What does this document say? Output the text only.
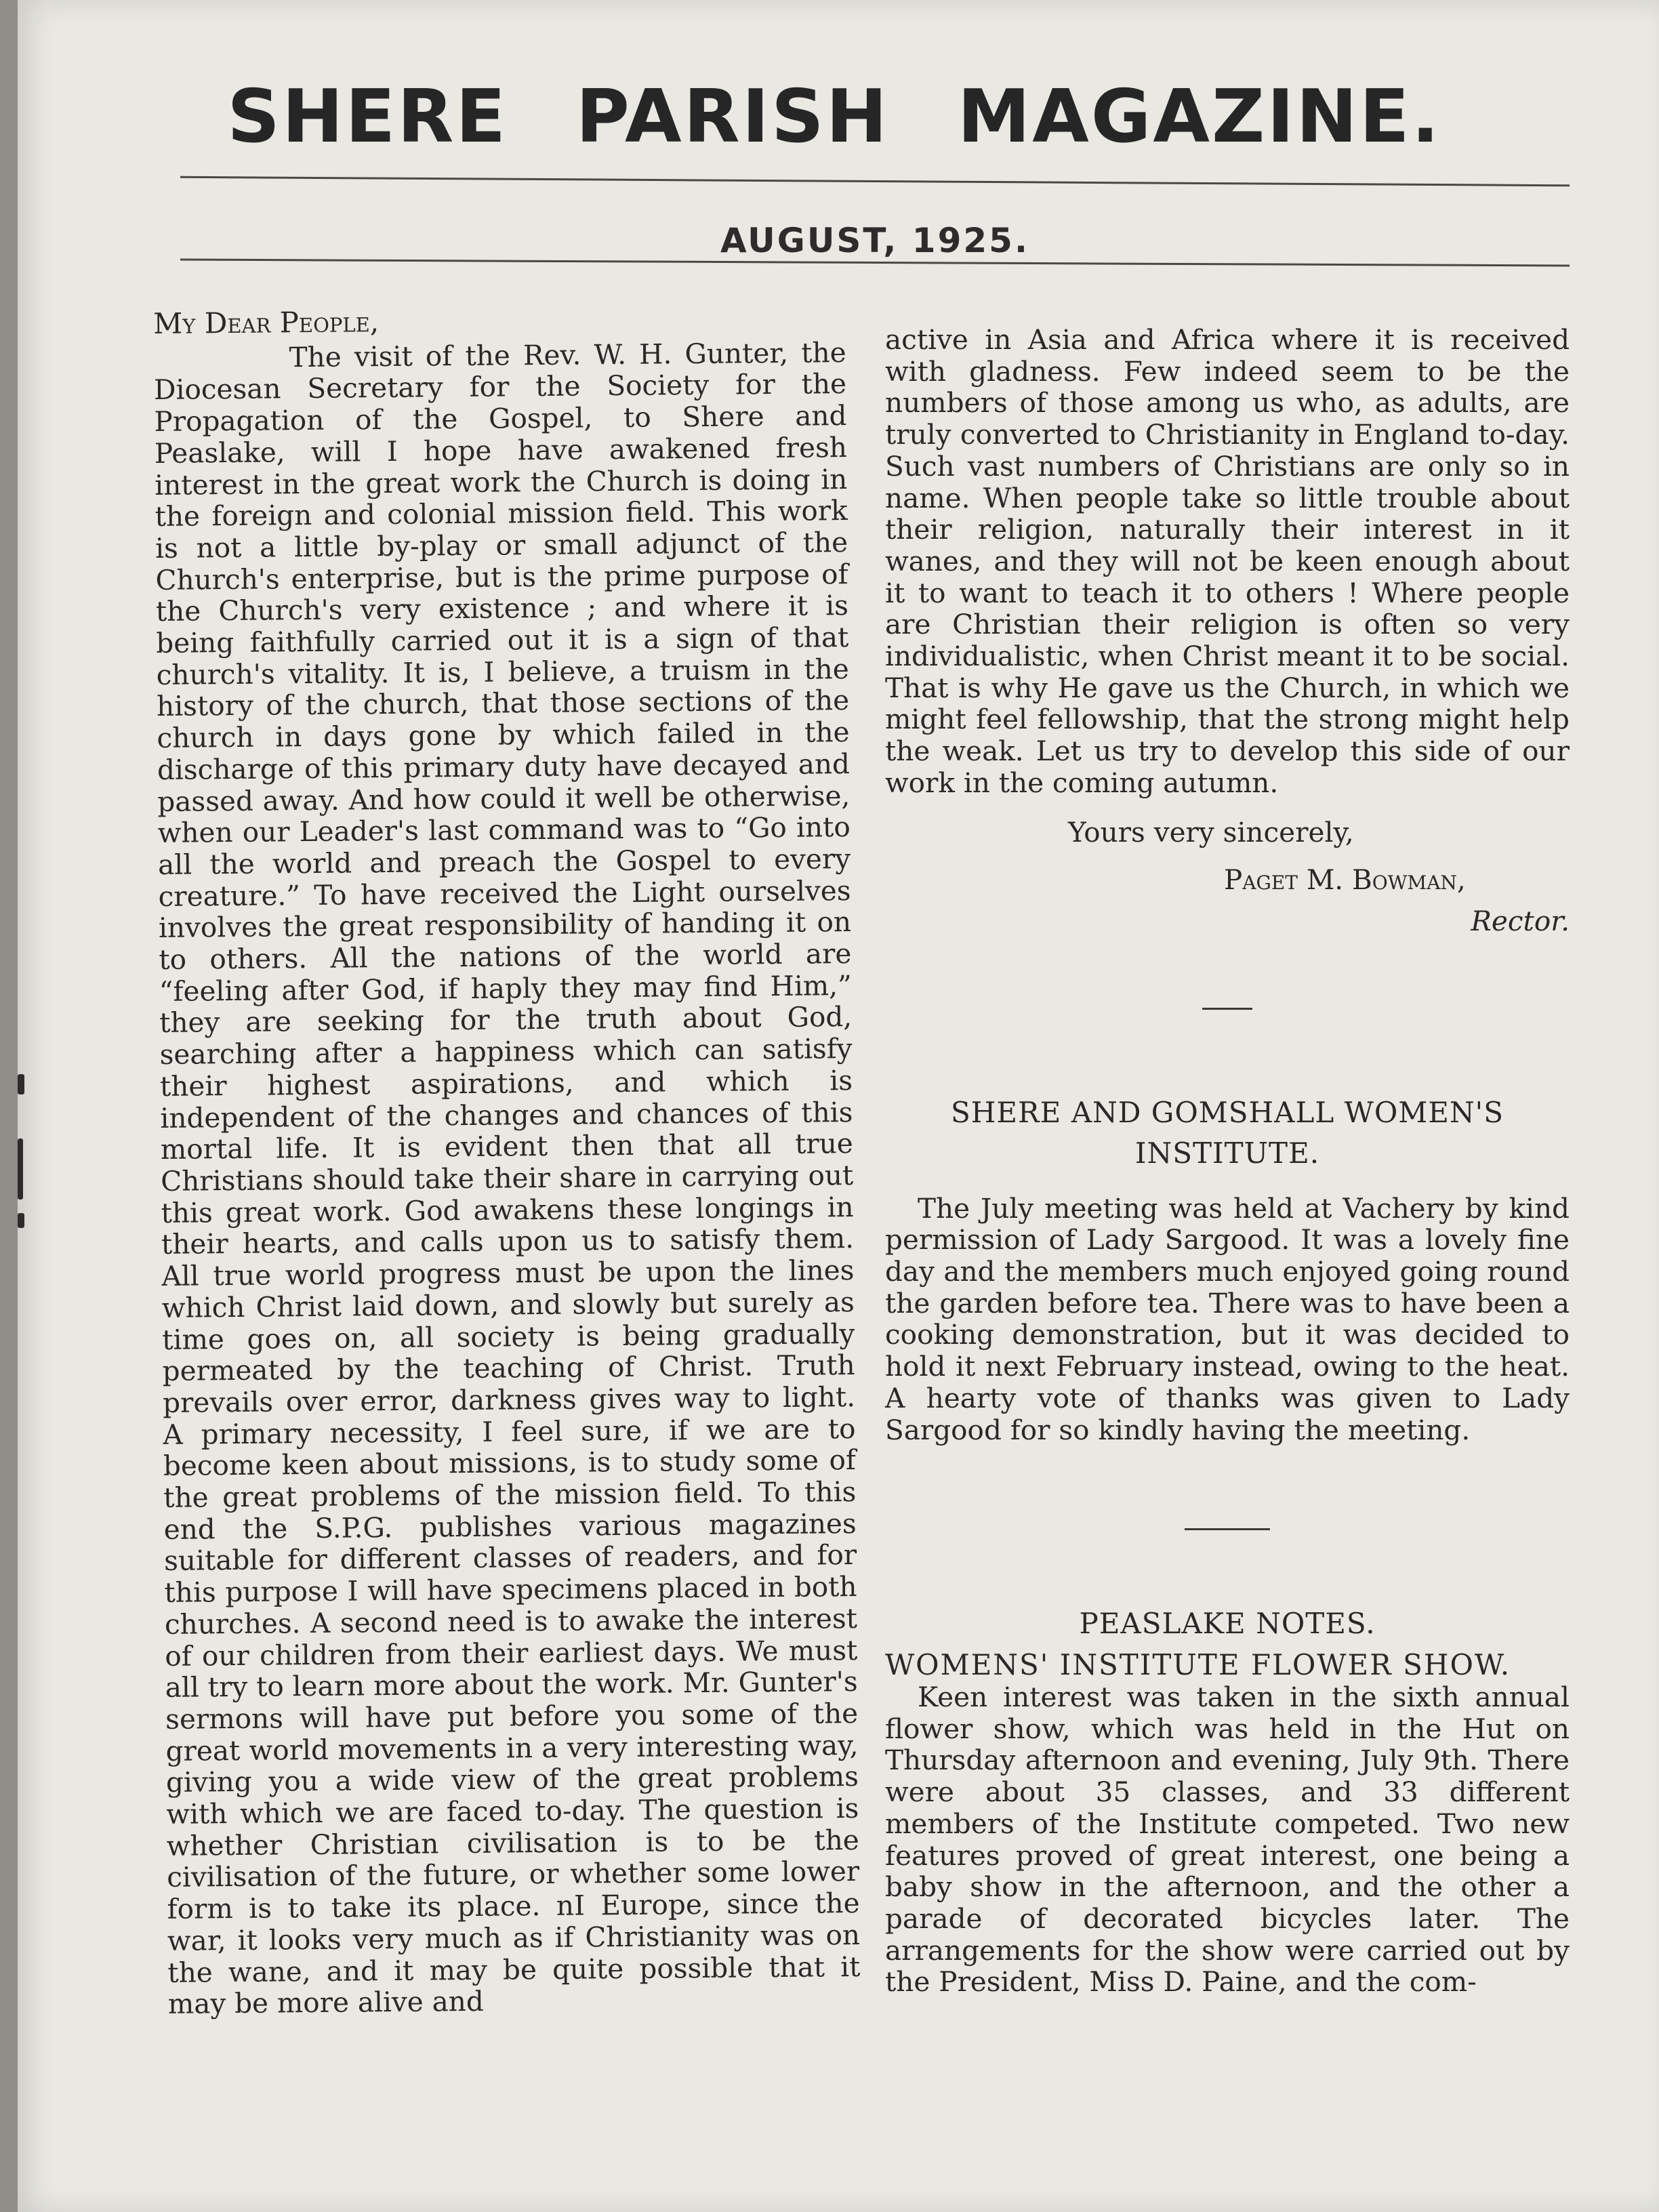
SHERE PARISH MAGAZINE.
AUGUST, 1925.

My Dear People,

The visit of the Rev. W. H. Gunter, the Diocesan Secretary for the Society for the Propagation of the Gospel, to Shere and Peaslake, will I hope have awakened fresh interest in the great work the Church is doing in the foreign and colonial mission field. This work is not a little by-play or small adjunct of the Church's enterprise, but is the prime purpose of the Church's very existence ; and where it is being faithfully carried out it is a sign of that church's vitality. It is, I believe, a truism in the history of the church, that those sections of the church in days gone by which failed in the discharge of this primary duty have decayed and passed away. And how could it well be otherwise, when our Leader's last command was to “Go into all the world and preach the Gospel to every creature.” To have received the Light ourselves involves the great responsibility of handing it on to others. All the nations of the world are “feeling after God, if haply they may find Him,” they are seeking for the truth about God, searching after a happiness which can satisfy their highest aspirations, and which is independent of the changes and chances of this mortal life. It is evident then that all true Christians should take their share in carrying out this great work. God awakens these longings in their hearts, and calls upon us to satisfy them. All true world progress must be upon the lines which Christ laid down, and slowly but surely as time goes on, all society is being gradually permeated by the teaching of Christ. Truth prevails over error, darkness gives way to light. A primary necessity, I feel sure, if we are to become keen about missions, is to study some of the great problems of the mission field. To this end the S.P.G. publishes various magazines suitable for different classes of readers, and for this purpose I will have specimens placed in both churches. A second need is to awake the interest of our children from their earliest days. We must all try to learn more about the work. Mr. Gunter's sermons will have put before you some of the great world movements in a very interesting way, giving you a wide view of the great problems with which we are faced to-day. The question is whether Christian civilisation is to be the civilisation of the future, or whether some lower form is to take its place. nI Europe, since the war, it looks very much as if Christianity was on the wane, and it may be quite possible that it may be more alive and

active in Asia and Africa where it is received with gladness. Few indeed seem to be the numbers of those among us who, as adults, are truly converted to Christianity in England to-day. Such vast numbers of Christians are only so in name. When people take so little trouble about their religion, naturally their interest in it wanes, and they will not be keen enough about it to want to teach it to others ! Where people are Christian their religion is often so very individualistic, when Christ meant it to be social. That is why He gave us the Church, in which we might feel fellowship, that the strong might help the weak. Let us try to develop this side of our work in the coming autumn.

Yours very sincerely,

Paget M. Bowman,

Rector.

SHERE AND GOMSHALL WOMEN'S

INSTITUTE.

The July meeting was held at Vachery by kind permission of Lady Sargood. It was a lovely fine day and the members much enjoyed going round the garden before tea. There was to have been a cooking demonstration, but it was decided to hold it next February instead, owing to the heat. A hearty vote of thanks was given to Lady Sargood for so kindly having the meeting.

PEASLAKE NOTES.

WOMENS' INSTITUTE FLOWER SHOW.

Keen interest was taken in the sixth annual flower show, which was held in the Hut on Thursday afternoon and evening, July 9th. There were about 35 classes, and 33 different members of the Institute competed. Two new features proved of great interest, one being a baby show in the afternoon, and the other a parade of decorated bicycles later. The arrangements for the show were carried out by the President, Miss D. Paine, and the com-
